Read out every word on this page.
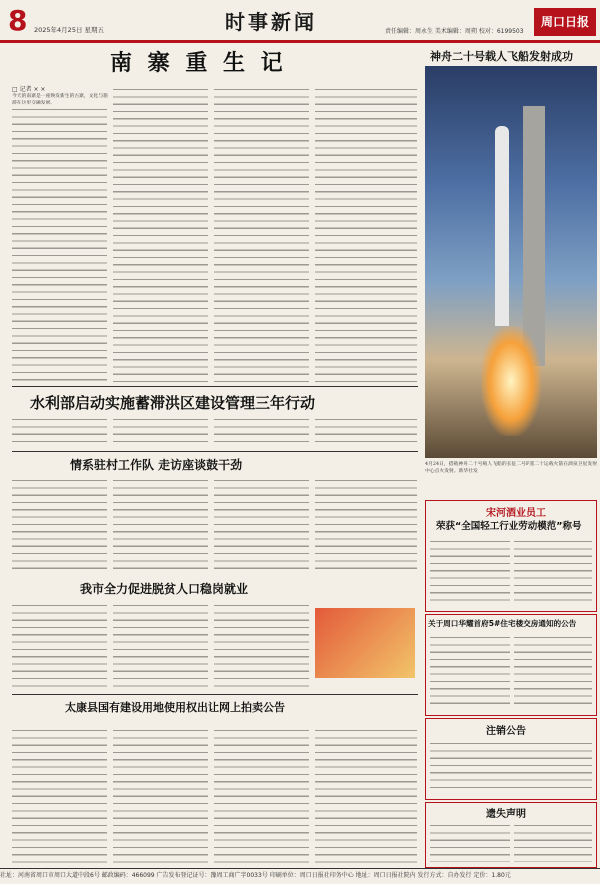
8 2025年4月25日 星期五	时事新闻	责任编辑：周永生 美术编辑：周朔 校对：6199503
周口日报
南 寨 重 生 记
□ 记者 × ×
今天的南寨是一座焕发新生的古寨，文化与旅
神舟二十号载人飞船发射成功
4月24日，搭载神舟二十号载人飞船的长征二号F遥二十运载火箭在酒泉卫星发射中心点火发射。新华社发
水利部启动实施蓄滞洪区建设管理三年行动
情系驻村工作队 走访座谈鼓干劲
我市全力促进脱贫人口稳岗就业
太康县国有建设用地使用权出让网上拍卖公告
宋河酒业员工
荣获“全国轻工行业劳动模范”称号
关于周口华耀首府5#住宅楼交房通知的公告
注销公告
遗失声明
社址：河南省周口市周口大道中段6号 邮政编码：466099 广告发布登记证号：豫周工商广字0033号 印刷单位：周口日报社印务中心 地址：周口日报社院内 发行方式：自办发行 定价：1.80元
